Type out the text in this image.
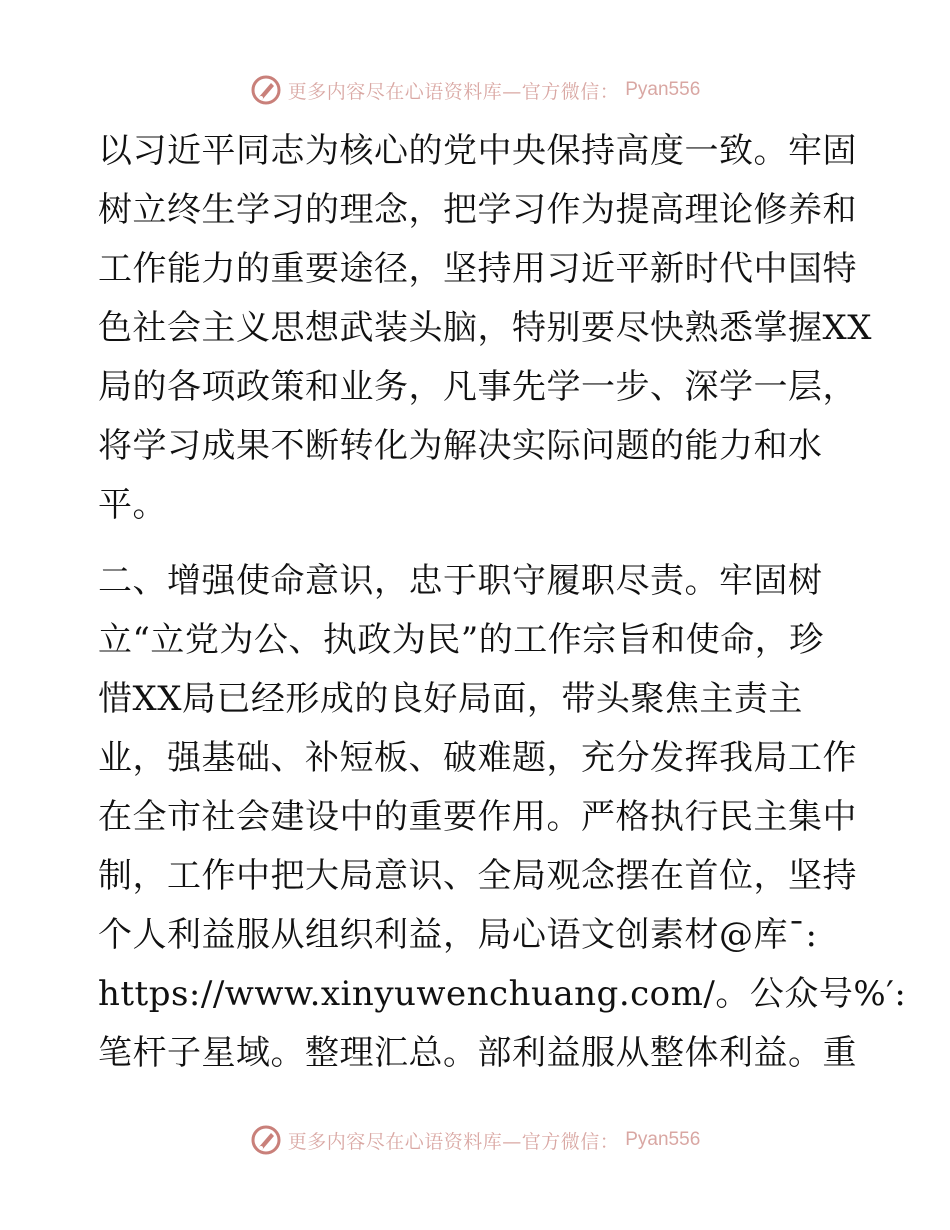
更多内容尽在心语资料库—官方微信： Pyan556
以习近平同志为核心的党中央保持高度一致。牢固
树立终生学习的理念，把学习作为提高理论修养和
工作能力的重要途径，坚持用习近平新时代中国特
色社会主义思想武装头脑，特别要尽快熟悉掌握XX
局的各项政策和业务，凡事先学一步、深学一层，
将学习成果不断转化为解决实际问题的能力和水
平。
二、增强使命意识，忠于职守履职尽责。牢固树
立“立党为公、执政为民”的工作宗旨和使命，珍
惜XX局已经形成的良好局面，带头聚焦主责主
业，强基础、补短板、破难题，充分发挥我局工作
在全市社会建设中的重要作用。严格执行民主集中
制，工作中把大局意识、全局观念摆在首位，坚持
个人利益服从组织利益，局心语文创素材@库¯:
https://www.xinyuwenchuang.com/。公众号%′:
笔杆子星域。整理汇总。部利益服从整体利益。重
更多内容尽在心语资料库—官方微信： Pyan556
